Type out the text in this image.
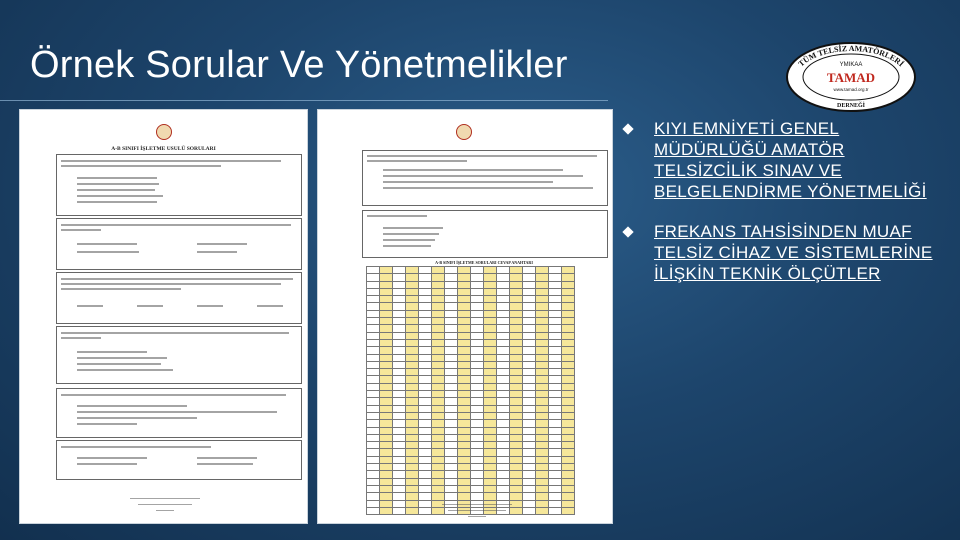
Örnek Sorular Ve Yönetmelikler	TÜM TELSİZ AMATÖRLERİ
YMIKAA
TAMAD
www.tamad.org.tr
DERNEĞİ
A-B SINIFI İŞLETME USULÜ SORULARI
A-B SINIFI İŞLETME SORULARI CEVAP ANAHTARI

KIYI EMNİYETİ GENEL MÜDÜRLÜĞÜ AMATÖR TELSİZCİLİK SINAV VE BELGELENDİRME YÖNETMELİĞİ
FREKANS TAHSİSİNDEN MUAF TELSİZ CİHAZ VE SİSTEMLERİNE İLİŞKİN TEKNİK ÖLÇÜTLER
